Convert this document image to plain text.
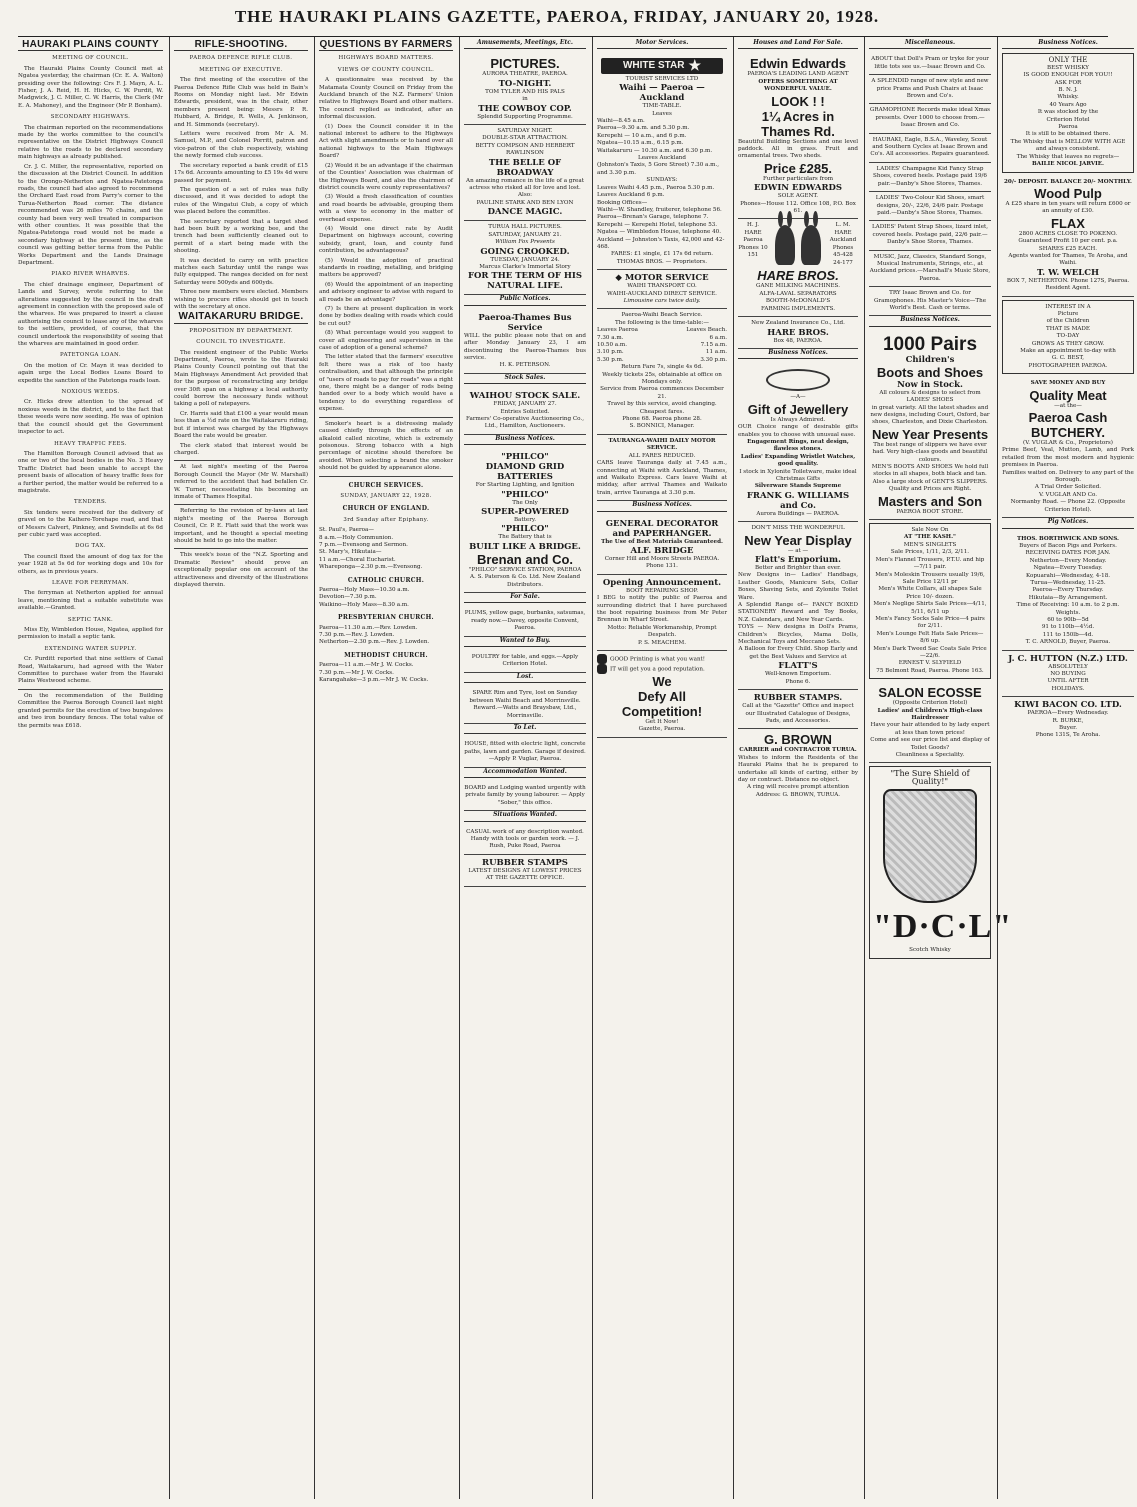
THE HAURAKI PLAINS GAZETTE, PAEROA, FRIDAY, JANUARY 20, 1928.
HAURAKI PLAINS COUNTY
MEETING OF COUNCIL.

The Hauraki Plains County Council met at Ngatea yesterday, the chairman (Cr. E. A. Walton) presiding over the following: Crs F. J. Mayn, A. L. Fisher, J. A. Reid, H. H. Hicks, C. W. Purdit, W. Madgwick, J. C. Miller, C. W. Harris, the Clerk (Mr E. A. Mahoney), and the Engineer (Mr P. Bonham).

SECONDARY HIGHWAYS.

The chairman reported on the recommendations made by the works committee to the council's representative on the District Highways Council relative to the roads to be declared secondary main highways as already published.

Cr. J. C. Miller, the representative, reported on the discussion at the District Council. In addition to the Orongo-Netherton and Ngatea-Patetonga roads, the council had also agreed to recommend the Orchard East road from Parry's corner to the Turua-Netherton Road corner. The distance recommended was 26 miles 70 chains, and the county had been very well treated in comparison with other counties. It was possible that the Ngatea-Patetonga road would not be made a secondary highway at the present time, as the council was getting better terms from the Public Works Department and the Lands Drainage Department.

PIAKO RIVER WHARVES.

The chief drainage engineer, Department of Lands and Survey, wrote referring to the alterations suggested by the council in the draft agreement in connection with the proposed sale of the wharves. He was prepared to insert a clause authorising the council to lease any of the wharves to the settlers, provided, of course, that the council undertook the responsibility of seeing that the wharves are maintained in good order.

PATETONGA LOAN.

On the motion of Cr. Mayn it was decided to again urge the Local Bodies Loans Board to expedite the sanction of the Patetonga roads loan.

NOXIOUS WEEDS.

Cr. Hicks drew attention to the spread of noxious weeds in the district, and to the fact that these weeds were now seeding. He was of opinion that the council should get the Government inspector to act.

HEAVY TRAFFIC FEES.

The Hamilton Borough Council advised that as one or two of the local bodies in the No. 3 Heavy Traffic District had been unable to accept the present basis of allocation of heavy traffic fees for a further period, the matter would be referred to a magistrate.

TENDERS.

Six tenders were received for the delivery of gravel on to the Kaihere-Torehape road, and that of Messrs Calvert, Pinkney, and Swindells at 6s 6d per cubic yard was accepted.

DOG TAX.

The council fixed the amount of dog tax for the year 1928 at 5s 6d for working dogs and 10s for others, as in previous years.

LEAVE FOR FERRYMAN.

The ferryman at Netherton applied for annual leave, mentioning that a suitable substitute was available.—Granted.

SEPTIC TANK.

Miss Ely, Wimbledon House, Ngatea, applied for permission to install a septic tank.

EXTENDING WATER SUPPLY.

Cr. Purditt reported that nine settlers of Canal Road, Waitakaruru, had agreed with the Water Committee to purchase water from the Hauraki Plains Westwood scheme.

On the recommendation of the Building Committee the Paeroa Borough Council last night granted permits for the erection of two bungalows and two iron boundary fences. The total value of the permits was £618.

RIFLE-SHOOTING.
PAEROA DEFENCE RIFLE CLUB.
MEETING OF EXECUTIVE.

The first meeting of the executive of the Paeroa Defence Rifle Club was held in Bain's Rooms on Monday night last. Mr Edwin Edwards, president, was in the chair, other members present being: Messrs P. R. Hubbard, A. Bridge, R. Wells, A. Jenkinson, and H. Simmonds (secretary).

Letters were received from Mr A. M. Samuel, M.P., and Colonel Porritt, patron and vice-patron of the club respectively, wishing the newly formed club success.

The secretary reported a bank credit of £15 17s 6d. Accounts amounting to £5 19s 4d were passed for payment.

The question of a set of rules was fully discussed, and it was decided to adopt the rules of the Wingatui Club, a copy of which was placed before the committee.

The secretary reported that a target shed had been built by a working bee, and the trench had been sufficiently cleaned out to permit of a start being made with the shooting.

It was decided to carry on with practice matches each Saturday until the range was fully equipped. The ranges decided on for next Saturday were 500yds and 600yds.

Three new members were elected. Members wishing to procure rifles should get in touch with the secretary at once.

WAITAKARURU BRIDGE.
PROPOSITION BY DEPARTMENT.
COUNCIL TO INVESTIGATE.

The resident engineer of the Public Works Department, Paeroa, wrote to the Hauraki Plains County Council pointing out that the Main Highways Amendment Act provided that for the purpose of reconstructing any bridge over 30ft span on a highway a local authority could borrow the necessary funds without taking a poll of ratepayers.

Cr. Harris said that £100 a year would mean less than a ½d rate on the Waitakaruru riding, but if interest was charged by the Highways Board the rate would be greater.

The clerk stated that interest would be charged.

At last night's meeting of the Paeroa Borough Council the Mayor (Mr W. Marshall) referred to the accident that had befallen Cr. W. Turner, necessitating his becoming an inmate of Thames Hospital.

Referring to the revision of by-laws at last night's meeting of the Paeroa Borough Council, Cr. P. E. Flatt said that the work was important, and he thought a special meeting should be held to go into the matter.

This week's issue of the "N.Z. Sporting and Dramatic Review" should prove an exceptionally popular one on account of the attractiveness and diversity of the illustrations displayed therein.

QUESTIONS BY FARMERS
HIGHWAYS BOARD MATTERS.
VIEWS OF COUNTY COUNCIL.

A questionnaire was received by the Matamata County Council on Friday from the Auckland branch of the N.Z. Farmers' Union relative to Highways Board and other matters. The council replied as indicated, after an informal discussion.

(1) Does the Council consider it in the national interest to adhere to the Highways Act with slight amendments or to hand over all national highways to the Main Highways Board?

(2) Would it be an advantage if the chairman of the Counties' Association was chairman of the Highways Board, and also the chairmen of district councils were county representatives?

(3) Would a fresh classification of counties and road boards be advisable, grouping them with a view to economy in the matter of overhead expense.

(4) Would one direct rate by Audit Department on highways account, covering subsidy, grant, loan, and county fund contribution, be advantageous?

(5) Would the adoption of practical standards in roading, metalling, and bridging matters be approved?

(6) Would the appointment of an inspecting and advisory engineer to advise with regard to all roads be an advantage?

(7) Is there at present duplication in work done by bodies dealing with roads which could be cut out?

(8) What percentage would you suggest to cover all engineering and supervision in the case of adoption of a general scheme?

The letter stated that the farmers' executive felt there was a risk of too hasty centralisation, and that although the principle of "users of roads to pay for roads" was a right one, there might be a danger of rods being handed over to a body which would have a tendency to do everything regardless of expense.

Smoker's heart is a distressing malady caused chiefly through the effects of an alkaloid called nicotine, which is extremely poisonous. Strong tobacco with a high percentage of nicotine should therefore be avoided. When selecting a brand the smoker should not be guided by appearance alone.

CHURCH SERVICES.
SUNDAY, JANUARY 22, 1928.
CHURCH OF ENGLAND.
3rd Sunday after Epiphany.
St. Paul's, Paeroa—
8 a.m.—Holy Communion.
7 p.m.—Evensong and Sermon.
St. Mary's, Hikutaia—
11 a.m.—Choral Eucharist.
Whareponga—2.30 p.m.—Evensong.
CATHOLIC CHURCH.
Paeroa—Holy Mass—10.30 a.m.
Devotion—7.30 p.m.
Waikino—Holy Mass—8.30 a.m.
PRESBYTERIAN CHURCH.
Paeroa—11.30 a.m.—Rev. Lowden.
7.30 p.m.—Rev. J. Lowden.
Netherton—2.30 p.m.—Rev. J. Lowden.
METHODIST CHURCH.
Paeroa—11 a.m.—Mr J. W. Cocks.
7.30 p.m.—Mr J. W. Cocks.
Karangahake—3 p.m.—Mr J. W. Cocks.
Amusements, Meetings, Etc.
PICTURES.
AURORA THEATRE, PAEROA.
TO-NIGHT.
TOM TYLER AND HIS PALS
in
THE COWBOY COP.
Splendid Supporting Programme.
SATURDAY NIGHT.
DOUBLE-STAR ATTRACTION.
BETTY COMPSON AND HERBERT RAWLINSON
THE BELLE OF BROADWAY
An amazing romance in the life of a great actress who risked all for love and lost.
Also:
PAULINE STARK AND BEN LYON
DANCE MAGIC.
TURUA HALL PICTURES.
SATURDAY, JANUARY 21.
William Fox Presents
GOING CROOKED.
TUESDAY, JANUARY 24.
Marcus Clarke's Immortal Story
FOR THE TERM OF HIS NATURAL LIFE.
Public Notices.
Paeroa-Thames Bus Service
WILL the public please note that on and after Monday January 23, I am discontinuing the Paeroa-Thames bus service.
H. K. PETERSON.
Stock Sales.
WAIHOU STOCK SALE.
FRIDAY, JANUARY 27.
Entries Solicited.
Farmers' Co-operative Auctioneering Co., Ltd., Hamilton, Auctioneers.
Business Notices.
"PHILCO"
DIAMOND GRID
BATTERIES
For Starting Lighting, and Ignition
"PHILCO"
The Only
SUPER-POWERED
Battery.
"PHILCO"
The Battery that is
BUILT LIKE A BRIDGE.
Brenan and Co.
"PHILCO" SERVICE STATION, PAEROA
A. S. Paterson & Co. Ltd. New Zealand Distributors.
For Sale.
PLUMS, yellow gage, burbanks, satsumas, ready now.—Davey, opposite Convent, Paeroa.
Wanted to Buy.
POULTRY for table, and eggs.—Apply Criterion Hotel.
Lost.
SPARE Rim and Tyre, lost on Sunday between Waihi Beach and Morrinsville. Reward.—Watts and Braysbaw, Ltd., Morrinsville.
To Let.
HOUSE, fitted with electric light, concrete paths, lawn and garden. Garage if desired.—Apply P. Vuglar, Paeroa.
Accommodation Wanted.
BOARD and Lodging wanted urgently with private family by young labourer. — Apply "Sober," this office.
Situations Wanted.
CASUAL work of any description wanted. Handy with tools or garden work. — J. Rush, Puke Road, Paeroa
RUBBER STAMPS
LATEST DESIGNS AT LOWEST PRICES
AT THE GAZETTE OFFICE.
Motor Services.
WHITE STAR ★
TOURIST SERVICES LTD
Waihi — Paeroa — Auckland
TIME-TABLE.
Leaves
Waihi—8.45 a.m.
Paeroa—9.30 a.m. and 5.30 p.m.
Kerepehi — 10 a.m., and 6 p.m.
Ngatea—10.15 a.m., 6.15 p.m.
Waitakaruru — 10.30 a.m. and 6.30 p.m.
Leaves Auckland
(Johnston's Taxis, 5 Gore Street) 7.30 a.m., and 3.30 p.m.
SUNDAYS:
Leaves Waihi 4.45 p.m., Paeroa 5.30 p.m.
Leaves Auckland 6 p.m.
Booking Offices—
Waihi—W. Shandley, fruiterer, telephone 56.
Paeroa—Brenan's Garage, telephone 7.
Kerepehi — Kerepehi Hotel, telephone 53.
Ngatea — Wimbledon House, telephone 40.
Auckland — Johnston's Taxis, 42,000 and 42-468.
FARES: £1 single, £1 17s 6d return.
THOMAS BROS. — Proprietors.
◆ MOTOR SERVICE
WAIHI TRANSPORT CO.
WAIHI-AUCKLAND DIRECT SERVICE.
Limousine cars twice daily.
Paeroa-Waihi Beach Service.
The following is the time-table:—
Leaves Paeroa	Leaves Beach.
7.30 a.m.	6 a.m.
10.50 a.m.	7.15 a.m.
3.10 p.m.	11 a.m.
5.30 p.m.	3.30 p.m.
Return Fare 7s, single 4s 6d.
Weekly tickets 25s, obtainable at office on Mondays only.
Service from Paeroa commences December 21.
Travel by this service, avoid changing. Cheapest fares.
Phone 68. Paeroa phone 28.
S. BONNICI, Manager.
TAURANGA-WAIHI DAILY MOTOR SERVICE.
ALL FARES REDUCED.
CARS leave Tauranga daily at 7.45 a.m., connecting at Waihi with Auckland, Thames, and Waikato Express. Cars leave Waihi at midday, after arrival Thames and Waikato train, arrive Tauranga at 3.30 p.m.
Business Notices.
GENERAL DECORATOR and PAPERHANGER.
The Use of Best Materials Guaranteed.
ALF. BRIDGE
Corner Hill and Moore Streets PAEROA.
Phone 131.
Opening Announcement.
BOOT REPAIRING SHOP.
I BEG to notify the public of Paeroa and surrounding district that I have purchased the boot repairing business from Mr Peter Brennan in Wharf Street.
Motto: Reliable Workmanship, Prompt Despatch.
P. S. MEACHEM.
GOOD Printing is what you want!
IT will get you a good reputation.
We
Defy All
Competition!
Get It Now!
Gazette, Paeroa.
Houses and Land For Sale.
Edwin Edwards
PAEROA'S LEADING LAND AGENT
OFFERS SOMETHING AT WONDERFUL VALUE.
LOOK ! !
1¼ Acres in Thames Rd.
Beautiful Building Sections and one level paddock. All in grass. Fruit and ornamental trees. Two sheds.
Price £285.
Further particulars from
EDWIN EDWARDS
SOLE AGENT.
Phones—House 112. Office 108, P.O. Box 61.
H. J. HARE Paeroa Phones 10 151
L. M. HARE Auckland Phones 45-428 24-177
HARE BROS.
GANE MILKING MACHINES.
ALFA-LAVAL SEPARATORS
BOOTH-McDONALD'S
FARMING IMPLEMENTS.
New Zealand Insurance Co., Ltd.
HARE BROS.
Box 48, PAEROA.
Business Notices.
—A—
Gift of Jewellery
Is Always Admired.
OUR Choice range of desirable gifts enables you to choose with unusual ease.
Engagement Rings, neat design, flawless stones.
Ladies' Expanding Wristlet Watches, good quality.
I stock in Xylonite Toiletware, make ideal Christmas Gifts
Silverware Stands Supreme
FRANK G. WILLIAMS and Co.
Aurora Buildings — PAEROA.
DON'T MISS THE WONDERFUL
New Year Display
— at —
Flatt's Emporium.
Better and Brighter than ever.
New Designs in— Ladies' Handbags, Leather Goods, Manicure Sets, Collar Boxes, Shaving Sets, and Zylonite Toilet Ware.
A Splendid Range of— FANCY BOXED STATIONERY Reward and Toy Books, N.Z. Calendars, and New Year Cards.
TOYS — New designs in Doll's Prams, Children's Bicycles, Mama Dolls, Mechanical Toys and Meccano Sets.
A Balloon for Every Child. Shop Early and get the Best Values and Service at
FLATT'S
Well-known Emporium.
Phone 6.
RUBBER STAMPS.
Call at the "Gazette" Office and inspect our Illustrated Catalogue of Designs, Pads, and Accessories.
G. BROWN
CARRIER and CONTRACTOR TURUA.
Wishes to inform the Residents of the Hauraki Plains that he is prepared to undertake all kinds of carting, either by day or contract. Distance no object.
A ring will receive prompt attention
Address: G. BROWN, TURUA.
Miscellaneous.
ABOUT that Doll's Pram or tryke for your little tots see us.—Isaac Brown and Co.
A SPLENDID range of new style and new price Prams and Push Chairs at Isaac Brown and Co's.
GRAMOPHONE Records make ideal Xmas presents. Over 1000 to choose from.—Isaac Brown and Co.
HAURAKI, Eagle, B.S.A., Waveley, Scout and Southern Cycles at Isaac Brown and Co's. All accessories. Repairs guaranteed.
LADIES' Champagne Kid Fancy Strap Shoes, covered heels. Postage paid 19/6 pair.—Danby's Shoe Stores, Thames.
LADIES' Two-Colour Kid Shoes, smart designs, 20/-, 22/6, 24/6 pair. Postage paid.—Danby's Shoe Stores, Thames.
LADIES' Patent Strap Shoes, lizard inlet, covered heels. Postage paid, 22/6 pair.—Danby's Shoe Stores, Thames.
MUSIC, Jazz, Classics, Standard Songs, Musical Instruments, Strings, etc., at Auckland prices.—Marshall's Music Store, Paeroa.
TRY Isaac Brown and Co. for Gramophones. His Master's Voice—The World's Best. Cash or terms.
Business Notices.
1000 Pairs
Children's
Boots and Shoes
Now in Stock.
All colours & designs to select from
LADIES' SHOES
in great variety. All the latest shades and new designs, including Court, Oxford, bar shoes, Charleston, and Dixie Charleston.
New Year Presents
The best range of slippers we have ever had. Very high-class goods and beautiful colours.
MEN'S BOOTS AND SHOES We hold full stocks in all shapes, both black and tan.
Also a large stock of GENT'S SLIPPERS.
Quality and Prices are Right.
Masters and Son
PAEROA BOOT STORE.
Sale Now On
AT "THE KASH."
MEN'S SINGLETS
Sale Prices, 1/11, 2/3, 2/11.
Men's Flannel Trousers, P.T.U. and hip—7/11 pair.
Men's Moleskin Trousers usually 19/6, Sale Price 12/11 pr
Men's White Collars, all shapes Sale Price 10/- dozen.
Men's Neglige Shirts Sale Prices—4/11, 5/11, 6/11 up
Men's Fancy Socks Sale Price—4 pairs for 2/11.
Men's Lounge Felt Hats Sale Prices—8/6 up.
Men's Dark Tweed Sac Coats Sale Price—22/6.
ERNEST V. SLYFIELD
75 Belmont Road, Paeroa. Phone 163.
SALON ECOSSE
(Opposite Criterion Hotel)
Ladies' and Children's High-class Hairdresser
Have your hair attended to by lady expert at less than town prices!
Come and see our price list and display of Toilet Goods?
Cleanliness a Speciality.
"The Sure Shield of Quality!"
"D·C·L"
Scotch Whisky
Business Notices.
ONLY THE
BEST WHISKY
IS GOOD ENOUGH FOR YOU!!
ASK FOR
B. N. J.
Whisky.
40 Years Ago
It was stocked by the
Criterion Hotel
Paeroa
It is still to be obtained there.
The Whisky that is MELLOW WITH AGE and always consistent.
The Whisky that leaves no regrets—
BAILIE NICOL JARVIE.
20/- DEPOSIT. BALANCE 20/- MONTHLY.
Wood Pulp
A £25 share in ten years will return £600 or an annuity of £30.
FLAX
2800 ACRES CLOSE TO POKENO.
Guaranteed Profit 10 per cent. p.a.
SHARES £25 EACH.
Agents wanted for Thames, Te Aroha, and Waihi.
T. W. WELCH
BOX 7, NETHERTON. Phone 127S, Paeroa. Resident Agent.
INTEREST IN A
Picture
of the Children
THAT IS MADE
TO-DAY
GROWS AS THEY GROW.
Make an appointment to-day with
G. C. BEST,
PHOTOGRAPHER PAEROA.
SAVE MONEY AND BUY
Quality Meat
—at the—
Paeroa Cash BUTCHERY.
(V. VUGLAR & Co., Proprietors)
Prime Beef, Veal, Mutton, Lamb, and Pork retailed from the most modern and hygienic premises in Paeroa.
Families waited on. Delivery to any part of the Borough.
A Trial Order Solicited.
V. VUGLAR AND Co.
Normanby Road. — Phone 22. (Opposite Criterion Hotel).
Pig Notices.
THOS. BORTHWICK AND SONS.
Buyers of Bacon Pigs and Porkers.
RECEIVING DATES FOR JAN.
Netherton—Every Monday.
Ngatea—Every Tuesday.
Kopuarahi—Wednesday, 4-18.
Turua—Wednesday, 11-25.
Paeroa—Every Thursday.
Hikutaia—By Arrangement.
Time of Receiving: 10 a.m. to 2 p.m.
Weights.
60 to 90lb—5d
91 to 110lb—4½d.
111 to 150lb—4d.
T. C. ARNOLD, Buyer, Paeroa.
J. C. HUTTON (N.Z.) LTD.
ABSOLUTELY
NO BUYING
UNTIL AFTER
HOLIDAYS.
KIWI BACON CO. LTD.
PAEROA—Every Wednesday.
R. BURKE,
Buyer.
Phone 131S, Te Aroha.
